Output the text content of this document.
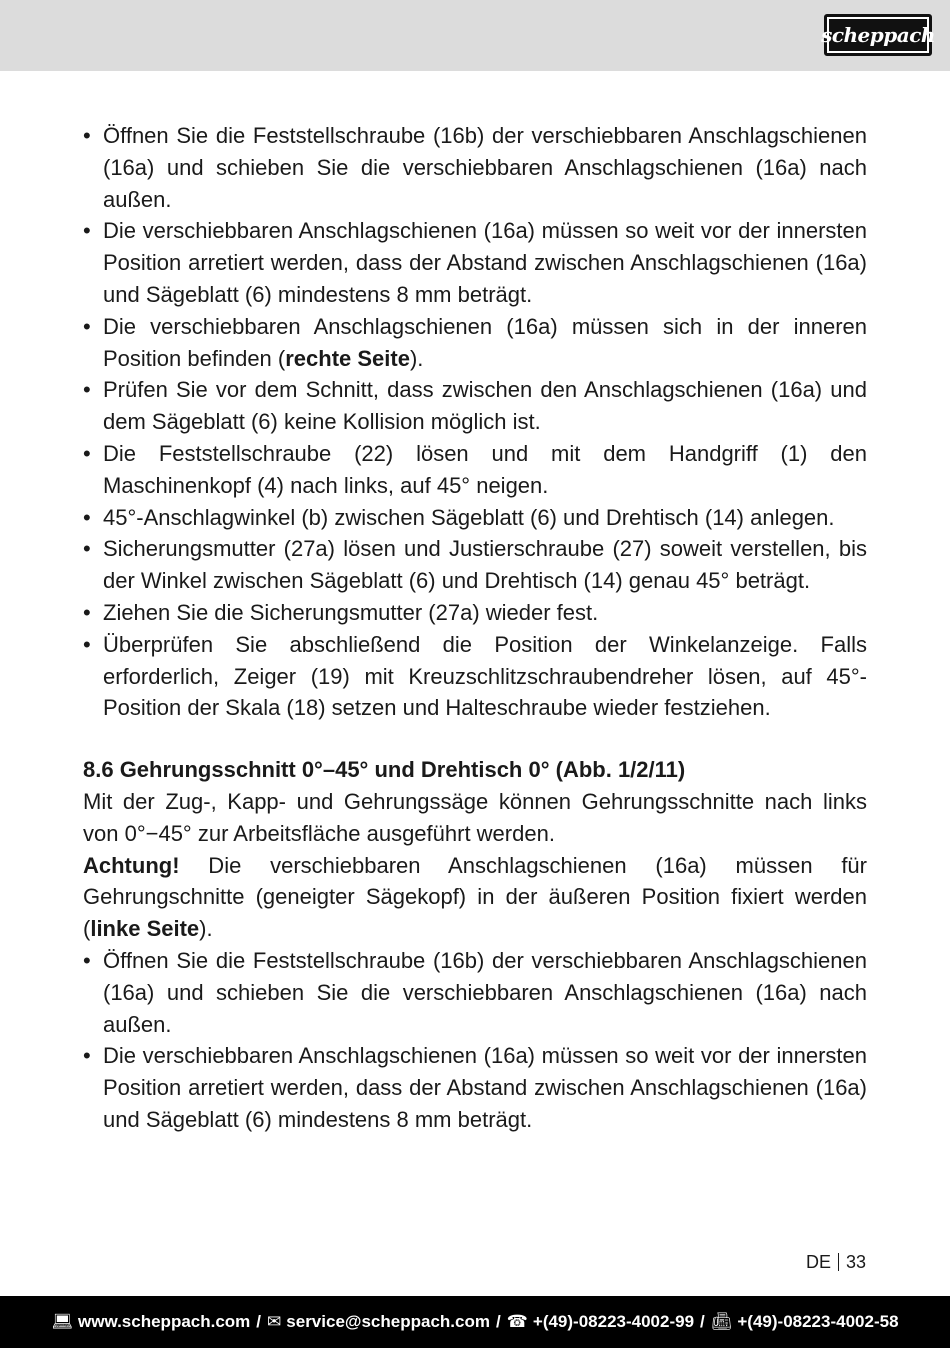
scheppach
• Öffnen Sie die Feststellschraube (16b) der verschiebbaren Anschlagschienen (16a) und schieben Sie die verschiebbaren Anschlagschienen (16a) nach außen.
• Die verschiebbaren Anschlagschienen (16a) müssen so weit vor der innersten Position arretiert werden, dass der Abstand zwischen Anschlagschienen (16a) und Sägeblatt (6) mindestens 8 mm beträgt.
• Die verschiebbaren Anschlagschienen (16a) müssen sich in der inneren Position befinden (rechte Seite).
• Prüfen Sie vor dem Schnitt, dass zwischen den Anschlagschienen (16a) und dem Sägeblatt (6) keine Kollision möglich ist.
• Die Feststellschraube (22) lösen und mit dem Handgriff (1) den Maschinenkopf (4) nach links, auf 45° neigen.
• 45°-Anschlagwinkel (b) zwischen Sägeblatt (6) und Drehtisch (14) anlegen.
• Sicherungsmutter (27a) lösen und Justierschraube (27) soweit verstellen, bis der Winkel zwischen Sägeblatt (6) und Drehtisch (14) genau 45° beträgt.
• Ziehen Sie die Sicherungsmutter (27a) wieder fest.
• Überprüfen Sie abschließend die Position der Winkelanzeige. Falls erforderlich, Zeiger (19) mit Kreuzschlitzschraubendreher lösen, auf 45°-Position der Skala (18) setzen und Halteschraube wieder festziehen.
8.6 Gehrungsschnitt 0°–45° und Drehtisch 0° (Abb. 1/2/11)

Mit der Zug-, Kapp- und Gehrungssäge können Gehrungsschnitte nach links von 0°−45° zur Arbeitsfläche ausgeführt werden.

Achtung! Die verschiebbaren Anschlagschienen (16a) müssen für Gehrungschnitte (geneigter Sägekopf) in der äußeren Position fixiert werden (linke Seite).

• Öffnen Sie die Feststellschraube (16b) der verschiebbaren Anschlagschienen (16a) und schieben Sie die verschiebbaren Anschlagschienen (16a) nach außen.
• Die verschiebbaren Anschlagschienen (16a) müssen so weit vor der innersten Position arretiert werden, dass der Abstand zwischen Anschlagschienen (16a) und Sägeblatt (6) mindestens 8 mm beträgt.
DE 33
💻︎ www.scheppach.com / ✉︎ service@scheppach.com / ☎︎ +(49)-08223-4002-99 / 📠︎ +(49)-08223-4002-58
